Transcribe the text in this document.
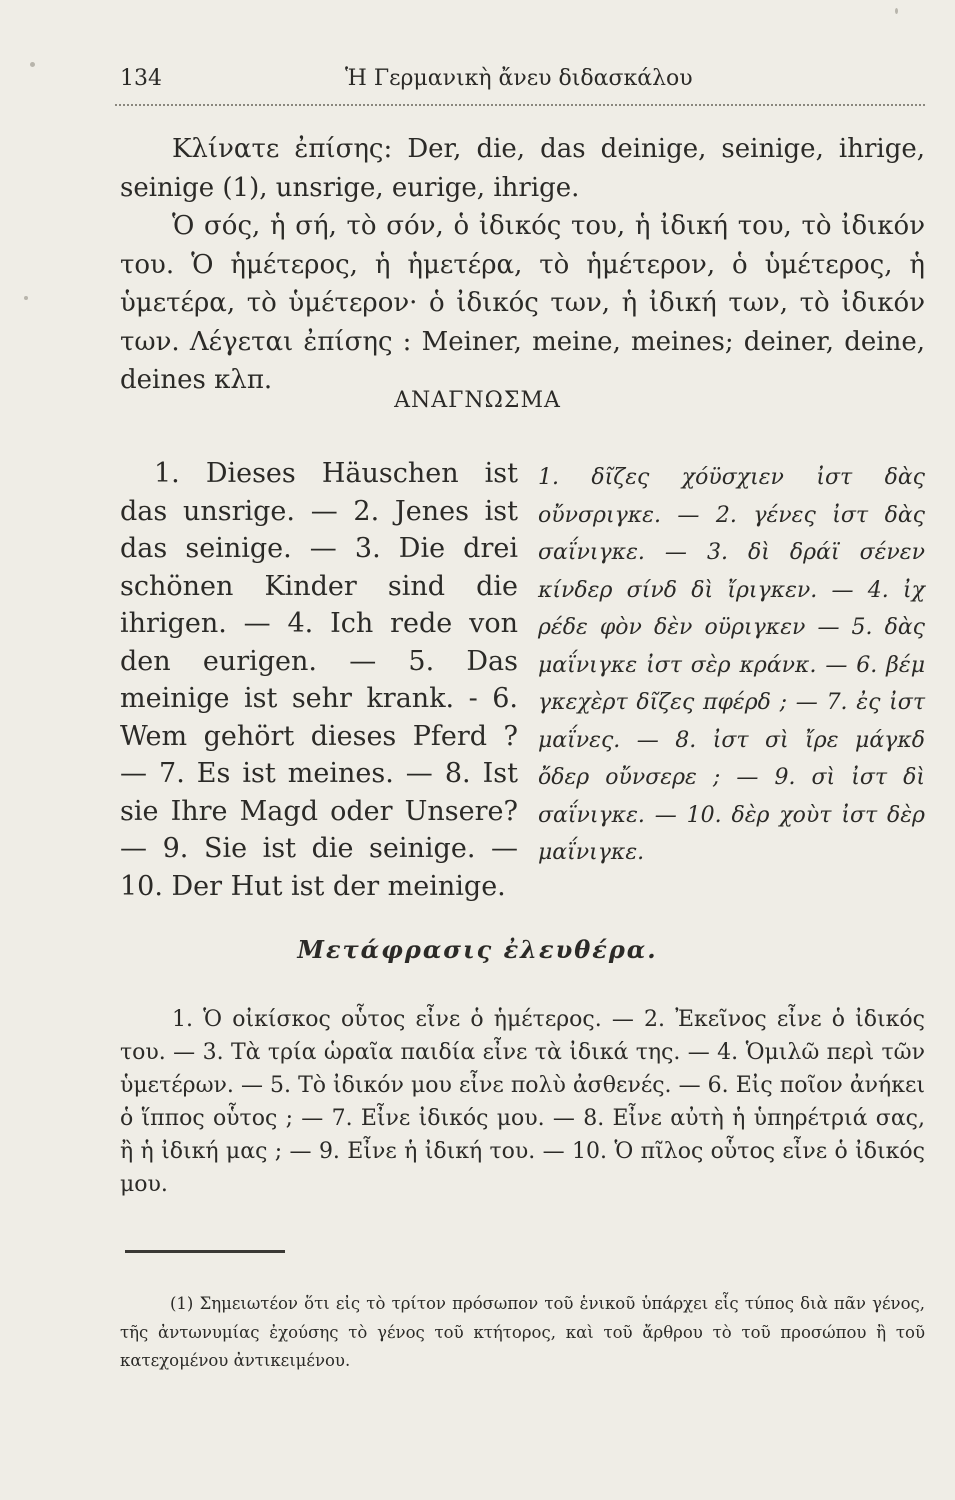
134	Ἡ Γερμανικὴ ἄνευ διδασκάλου

Κλίνατε ἐπίσης: Der, die, das deinige, seinige, ihrige, seinige (1), unsrige, eurige, ihrige.

Ὁ σός, ἡ σή, τὸ σόν, ὁ ἰδικός του, ἡ ἰδική του, τὸ ἰδικόν του. Ὁ ἡμέτερος, ἡ ἡμετέρα, τὸ ἡμέτερον, ὁ ὑμέτερος, ἡ ὑμετέρα, τὸ ὑμέτερον· ὁ ἰδικός των, ἡ ἰδική των, τὸ ἰδικόν των. Λέγεται ἐπίσης : Meiner, meine, meines; deiner, deine, deines κλπ.

ΑΝΑΓΝΩΣΜΑ

1. Dieses Häuschen ist das unsrige. — 2. Jenes ist das seinige. — 3. Die drei schönen Kinder sind die ihrigen. — 4. Ich rede von den eurigen. — 5. Das meinige ist sehr krank. - 6. Wem gehört dieses Pferd ? — 7. Es ist meines. — 8. Ist sie Ihre Magd oder Unsere? — 9. Sie ist die seinige. — 10. Der Hut ist der meinige.

1. δῖζες χόϋσχιεν ἰστ δὰς οὔνσριγκε. — 2. γένες ἰστ δὰς σαΐνιγκε. — 3. δὶ δράϊ σένεν κίνδερ σίνδ δὶ ἴριγκεν. — 4. ἰχ ρέδε φὸν δὲν οϋριγκεν — 5. δὰς μαΐνιγκε ἰστ σὲρ κράνκ. — 6. βέμ γκεχὲρτ δῖζες πφέρδ ; — 7. ἐς ἰστ μαΐνες. — 8. ἰστ σὶ ἴρε μάγκδ ὄδερ οὔνσερε ; — 9. σὶ ἰστ δὶ σαΐνιγκε. — 10. δὲρ χοὺτ ἰστ δὲρ μαΐνιγκε.

Μετάφρασις ἐλευθέρα.

1. Ὁ οἰκίσκος οὗτος εἶνε ὁ ἡμέτερος. — 2. Ἐκεῖνος εἶνε ὁ ἰδικός του. — 3. Τὰ τρία ὡραῖα παιδία εἶνε τὰ ἰδικά της. — 4. Ὁμιλῶ περὶ τῶν ὑμετέρων. — 5. Τὸ ἰδικόν μου εἶνε πολὺ ἀσθενές. — 6. Εἰς ποῖον ἀνήκει ὁ ἵππος οὗτος ; — 7. Εἶνε ἰδικός μου. — 8. Εἶνε αὐτὴ ἡ ὑπηρέτριά σας, ἢ ἡ ἰδική μας ; — 9. Εἶνε ἡ ἰδική του. — 10. Ὁ πῖλος οὗτος εἶνε ὁ ἰδικός μου.

(1) Σημειωτέον ὅτι εἰς τὸ τρίτον πρόσωπον τοῦ ἑνικοῦ ὑπάρχει εἷς τύπος διὰ πᾶν γένος, τῆς ἀντωνυμίας ἐχούσης τὸ γένος τοῦ κτήτορος, καὶ τοῦ ἄρθρου τὸ τοῦ προσώπου ἢ τοῦ κατεχομένου ἀντικειμένου.
